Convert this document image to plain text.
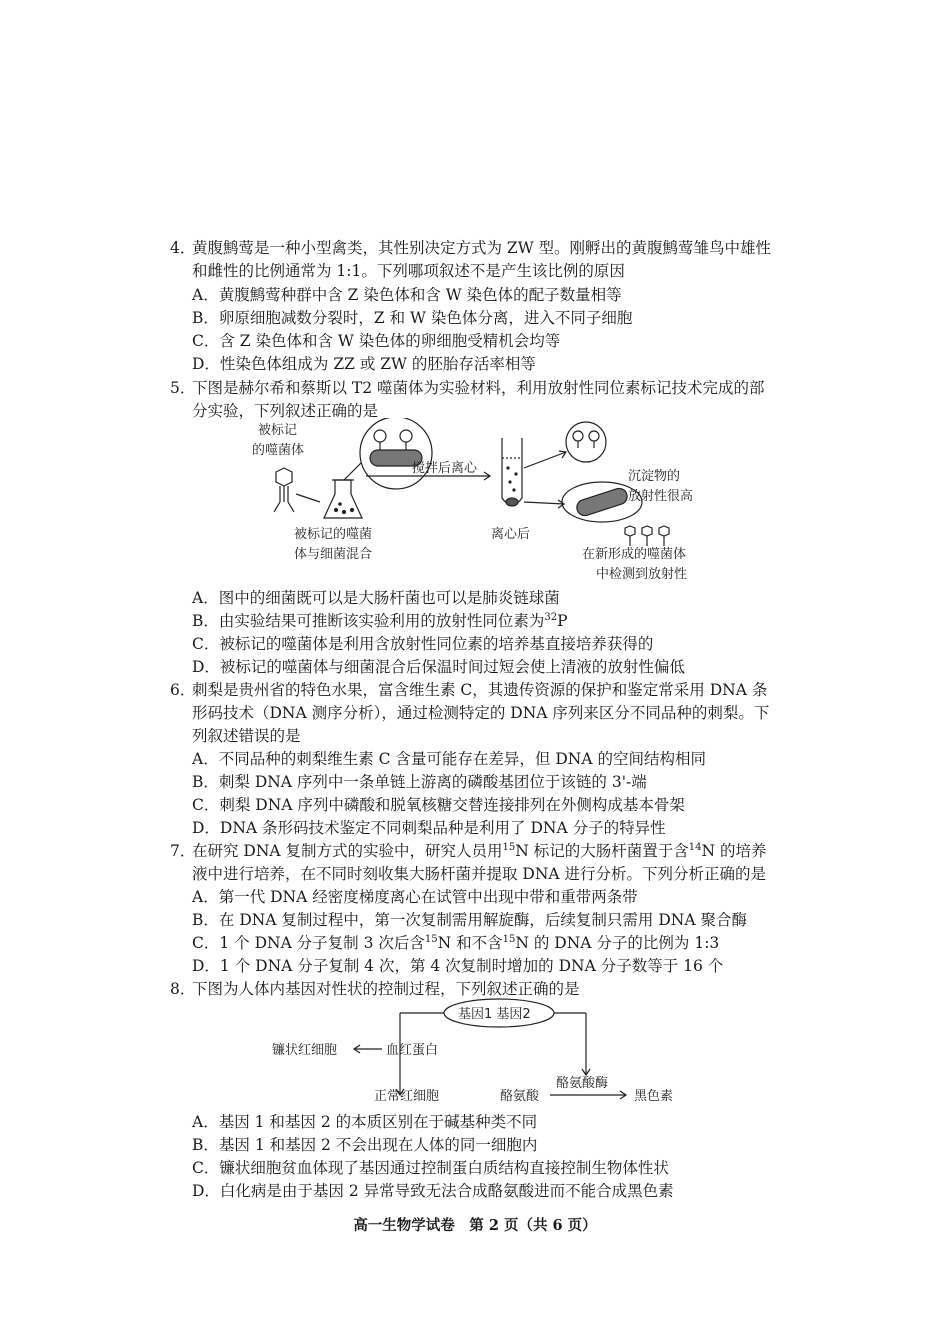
4．
黄腹鹪莺是一种小型禽类，其性别决定方式为 ZW 型。刚孵出的黄腹鹪莺雏鸟中雄性
和雌性的比例通常为 1:1。下列哪项叙述不是产生该比例的原因
A．黄腹鹪莺种群中含 Z 染色体和含 W 染色体的配子数量相等
B．卵原细胞减数分裂时，Z 和 W 染色体分离，进入不同子细胞
C．含 Z 染色体和含 W 染色体的卵细胞受精机会均等
D．性染色体组成为 ZZ 或 ZW 的胚胎存活率相等
5．
下图是赫尔希和蔡斯以 T2 噬菌体为实验材料，利用放射性同位素标记技术完成的部
分实验，下列叙述正确的是
被标记
的噬菌体
被标记的噬菌
体与细菌混合
搅拌后离心
离心后
沉淀物的
放射性很高
在新形成的噬菌体
中检测到放射性
A．图中的细菌既可以是大肠杆菌也可以是肺炎链球菌
B．由实验结果可推断该实验利用的放射性同位素为$^{32}$P
C．被标记的噬菌体是利用含放射性同位素的培养基直接培养获得的
D．被标记的噬菌体与细菌混合后保温时间过短会使上清液的放射性偏低
6．
刺梨是贵州省的特色水果，富含维生素 C，其遗传资源的保护和鉴定常采用 DNA 条
形码技术（DNA 测序分析），通过检测特定的 DNA 序列来区分不同品种的刺梨。下
列叙述错误的是
A．不同品种的刺梨维生素 C 含量可能存在差异，但 DNA 的空间结构相同
B．刺梨 DNA 序列中一条单链上游离的磷酸基团位于该链的 3'-端
C．刺梨 DNA 序列中磷酸和脱氧核糖交替连接排列在外侧构成基本骨架
D．DNA 条形码技术鉴定不同刺梨品种是利用了 DNA 分子的特异性
7．
在研究 DNA 复制方式的实验中，研究人员用$^{15}$N 标记的大肠杆菌置于含$^{14}$N 的培养
液中进行培养，在不同时刻收集大肠杆菌并提取 DNA 进行分析。下列分析正确的是
A．第一代 DNA 经密度梯度离心在试管中出现中带和重带两条带
B．在 DNA 复制过程中，第一次复制需用解旋酶，后续复制只需用 DNA 聚合酶
C．1 个 DNA 分子复制 3 次后含$^{15}$N 和不含$^{15}$N 的 DNA 分子的比例为 1:3
D．1 个 DNA 分子复制 4 次，第 4 次复制时增加的 DNA 分子数等于 16 个
8．
下图为人体内基因对性状的控制过程，下列叙述正确的是
基因1 基因2
镰状红细胞	血红蛋白
正常红细胞	酪氨酸
酪氨酸酶
黑色素
A．基因 1 和基因 2 的本质区别在于碱基种类不同
B．基因 1 和基因 2 不会出现在人体的同一细胞内
C．镰状细胞贫血体现了基因通过控制蛋白质结构直接控制生物体性状
D．白化病是由于基因 2 异常导致无法合成酪氨酸进而不能合成黑色素
高一生物学试卷　第 2 页（共 6 页）
